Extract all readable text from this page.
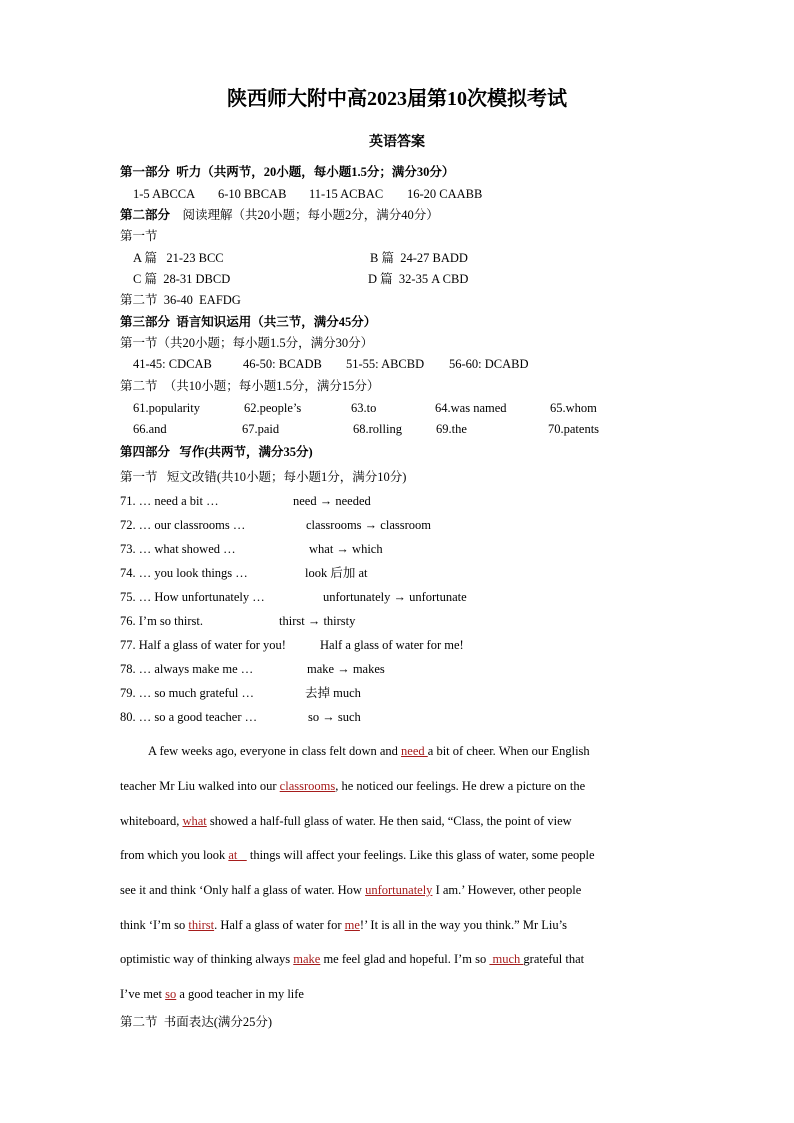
陕西师大附中高2023届第10次模拟考试
英语答案
第一部分  听力（共两节，20小题，每小题1.5分；满分30分）
1-5 ABCCA 6-10 BBCAB 11-15 ACBAC 16-20 CAABB
第二部分 阅读理解（共20小题；每小题2分，满分40分）
第一节
A 篇   21-23 BCC	B 篇  24-27 BADD
C 篇  28-31 DBCD	D 篇  32-35 A CBD
第二节  36-40  EAFDG
第三部分  语言知识运用（共三节，满分45分）
第一节（共20小题；每小题1.5分，满分30分）
41-45: CDCAB 46-50: BCADB 51-55: ABCBD 56-60: DCABD
第二节  （共10小题；每小题1.5分，满分15分）
61.popularity	62.people’s	63.to	64.was named	65.whom
66.and	67.paid	68.rolling	69.the	70.patents
第四部分   写作(共两节，满分35分)
第一节   短文改错(共10小题；每小题1分，满分10分)
71. … need a bit …	need → needed
72. … our classrooms …	classrooms → classroom
73. … what showed …	what → which
74. … you look things …	look 后加 at
75. … How unfortunately …	unfortunately → unfortunate
76. I’m so thirst.	thirst → thirsty
77. Half a glass of water for you!	Half a glass of water for me!
78. … always make me …	make → makes
79. … so much grateful …	去掉 much
80. … so a good teacher …	so → such
A few weeks ago, everyone in class felt down and need a bit of cheer. When our English
teacher Mr Liu walked into our classrooms, he noticed our feelings. He drew a picture on the
whiteboard, what showed a half-full glass of water. He then said, “Class, the point of view
from which you look at    things will affect your feelings. Like this glass of water, some people
see it and think ‘Only half a glass of water. How unfortunately I am.’ However, other people
think ‘I’m so thirst. Half a glass of water for me!’ It is all in the way you think.” Mr Liu’s
optimistic way of thinking always make me feel glad and hopeful. I’m so  much grateful that
I’ve met so a good teacher in my life
第二节  书面表达(满分25分)
